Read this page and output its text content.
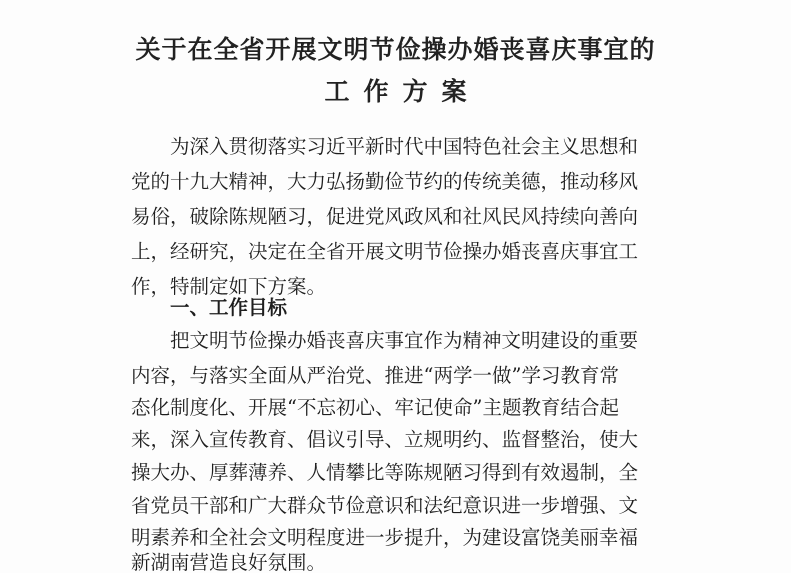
关于在全省开展文明节俭操办婚丧喜庆事宜的
工作方案
为深入贯彻落实习近平新时代中国特色社会主义思想和
党的十九大精神，大力弘扬勤俭节约的传统美德，推动移风
易俗，破除陈规陋习，促进党风政风和社风民风持续向善向
上，经研究，决定在全省开展文明节俭操办婚丧喜庆事宜工
作，特制定如下方案。
一、工作目标
把文明节俭操办婚丧喜庆事宜作为精神文明建设的重要
内容，与落实全面从严治党、推进“两学一做”学习教育常
态化制度化、开展“不忘初心、牢记使命”主题教育结合起
来，深入宣传教育、倡议引导、立规明约、监督整治，使大
操大办、厚葬薄养、人情攀比等陈规陋习得到有效遏制，全
省党员干部和广大群众节俭意识和法纪意识进一步增强、文
明素养和全社会文明程度进一步提升，为建设富饶美丽幸福
新湖南营造良好氛围。
